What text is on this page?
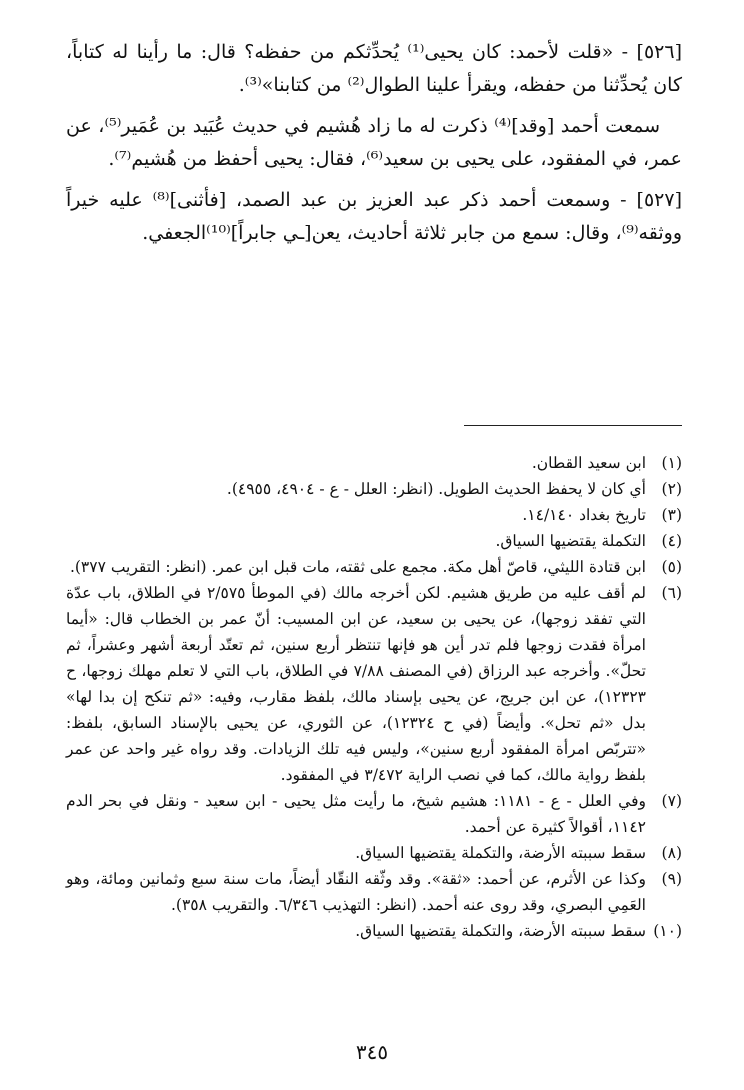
[٥٢٦] - «قلت لأحمد: كان يحيى⁽¹⁾ يُحدِّثكم من حفظه؟ قال: ما رأينا له كتاباً، كان يُحدِّثنا من حفظه، ويقرأ علينا الطوال⁽²⁾ من كتابنا»⁽³⁾.

سمعت أحمد [وقد]⁽⁴⁾ ذكرت له ما زاد هُشيم في حديث عُبَيد بن عُمَير⁽⁵⁾، عن عمر، في المفقود، على يحيى بن سعيد⁽⁶⁾، فقال: يحيى أحفظ من هُشيم⁽⁷⁾.

[٥٢٧] - وسمعت أحمد ذكر عبد العزيز بن عبد الصمد، [فأثنى]⁽⁸⁾ عليه خيراً ووثقه⁽⁹⁾، وقال: سمع من جابر ثلاثة أحاديث، يعن[ـي جابراً]⁽¹⁰⁾الجعفي.

(١)
ابن سعيد القطان.
(٢)
أي كان لا يحفظ الحديث الطويل. (انظر: العلل - ع - ٤٩٠٤، ٤٩٥٥).
(٣)
تاريخ بغداد ١٤/١٤٠.
(٤)
التكملة يقتضيها السياق.
(٥)
ابن قتادة الليثي، قاصّ أهل مكة. مجمع على ثقته، مات قبل ابن عمر. (انظر: التقريب ٣٧٧).
(٦)
لم أقف عليه من طريق هشيم. لكن أخرجه مالك (في الموطأ ٢/٥٧٥ في الطلاق، باب عدّة التي تفقد زوجها)، عن يحيى بن سعيد، عن ابن المسيب: أنّ عمر بن الخطاب قال: «أيما امرأة فقدت زوجها فلم تدر أين هو فإنها تنتظر أربع سنين، ثم تعتّد أربعة أشهر وعشراً، ثم تحلّ». وأخرجه عبد الرزاق (في المصنف ٧/٨٨ في الطلاق، باب التي لا تعلم مهلك زوجها، ح ١٢٣٢٣)، عن ابن جريج، عن يحيى بإسناد مالك، بلفظ مقارب، وفيه: «ثم تنكح إن بدا لها» بدل «ثم تحل». وأيضاً (في ح ١٢٣٢٤)، عن الثوري، عن يحيى بالإسناد السابق، بلفظ: «تتربّص امرأة المفقود أربع سنين»، وليس فيه تلك الزيادات. وقد رواه غير واحد عن عمر بلفظ رواية مالك، كما في نصب الراية ٣/٤٧٢ في المفقود.
(٧)
وفي العلل - ع - ١١٨١: هشيم شيخ، ما رأيت مثل يحيى - ابن سعيد - ونقل في بحر الدم ١١٤٢، أقوالاً كثيرة عن أحمد.
(٨)
سقط سببته الأرضة، والتكملة يقتضيها السياق.
(٩)
وكذا عن الأثرم، عن أحمد: «ثقة». وقد وثّقه النقّاد أيضاً، مات سنة سبع وثمانين ومائة، وهو العَمِي البصري، وقد روى عنه أحمد. (انظر: التهذيب ٦/٣٤٦. والتقريب ٣٥٨).
(١٠)
سقط سببته الأرضة، والتكملة يقتضيها السياق.
٣٤٥
